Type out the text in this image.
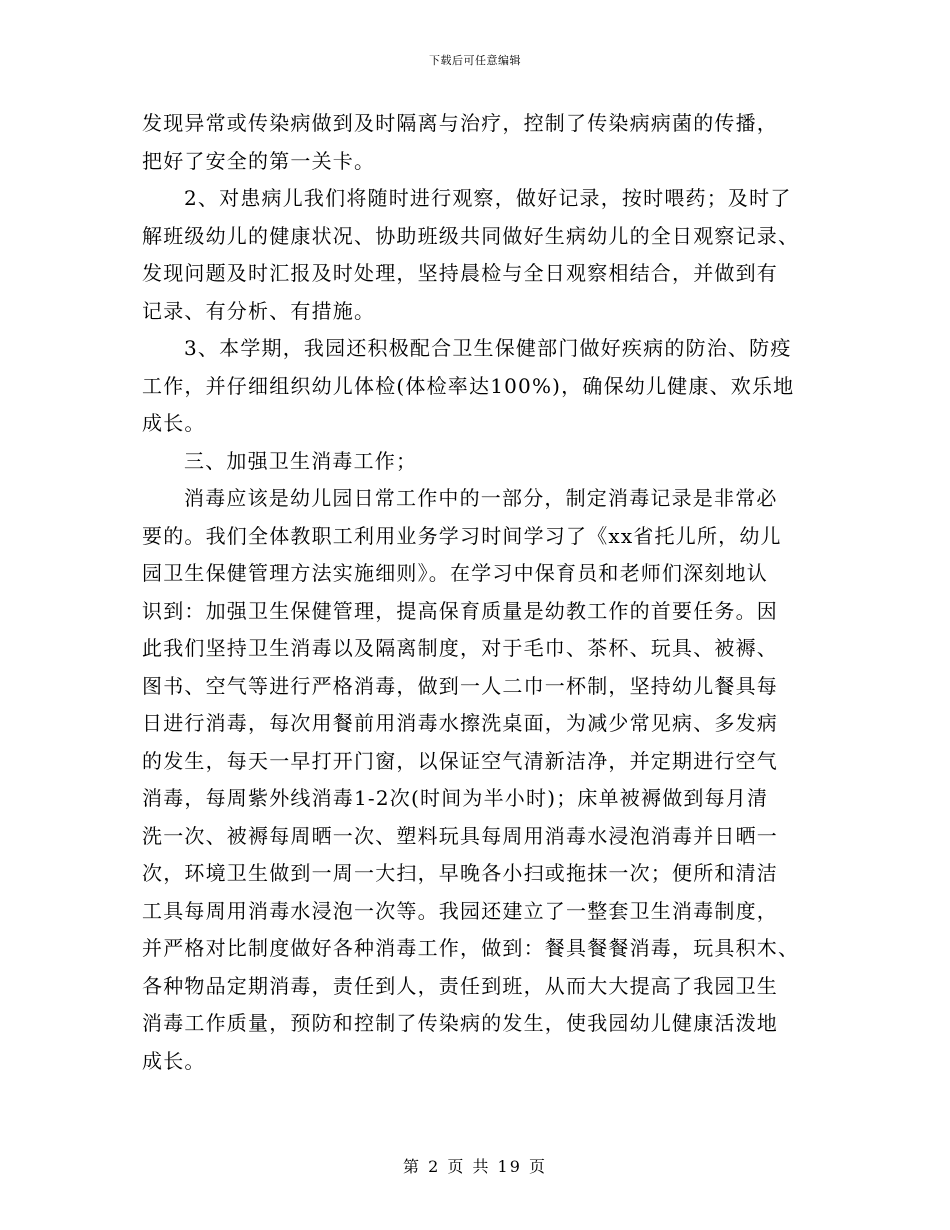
下载后可任意编辑
发现异常或传染病做到及时隔离与治疗，控制了传染病病菌的传播，
把好了安全的第一关卡。
2、对患病儿我们将随时进行观察，做好记录，按时喂药；及时了
解班级幼儿的健康状况、协助班级共同做好生病幼儿的全日观察记录、
发现问题及时汇报及时处理，坚持晨检与全日观察相结合，并做到有
记录、有分析、有措施。
3、本学期，我园还积极配合卫生保健部门做好疾病的防治、防疫
工作，并仔细组织幼儿体检(体检率达100%)，确保幼儿健康、欢乐地
成长。
三、加强卫生消毒工作；
消毒应该是幼儿园日常工作中的一部分，制定消毒记录是非常必
要的。我们全体教职工利用业务学习时间学习了《xx省托儿所，幼儿
园卫生保健管理方法实施细则》。在学习中保育员和老师们深刻地认
识到：加强卫生保健管理，提高保育质量是幼教工作的首要任务。因
此我们坚持卫生消毒以及隔离制度，对于毛巾、茶杯、玩具、被褥、
图书、空气等进行严格消毒，做到一人二巾一杯制，坚持幼儿餐具每
日进行消毒，每次用餐前用消毒水擦洗桌面，为减少常见病、多发病
的发生，每天一早打开门窗，以保证空气清新洁净，并定期进行空气
消毒，每周紫外线消毒1-2次(时间为半小时)；床单被褥做到每月清
洗一次、被褥每周晒一次、塑料玩具每周用消毒水浸泡消毒并日晒一
次，环境卫生做到一周一大扫，早晚各小扫或拖抹一次；便所和清洁
工具每周用消毒水浸泡一次等。我园还建立了一整套卫生消毒制度，
并严格对比制度做好各种消毒工作，做到：餐具餐餐消毒，玩具积木、
各种物品定期消毒，责任到人，责任到班，从而大大提高了我园卫生
消毒工作质量，预防和控制了传染病的发生，使我园幼儿健康活泼地
成长。
第 2 页 共 19 页
